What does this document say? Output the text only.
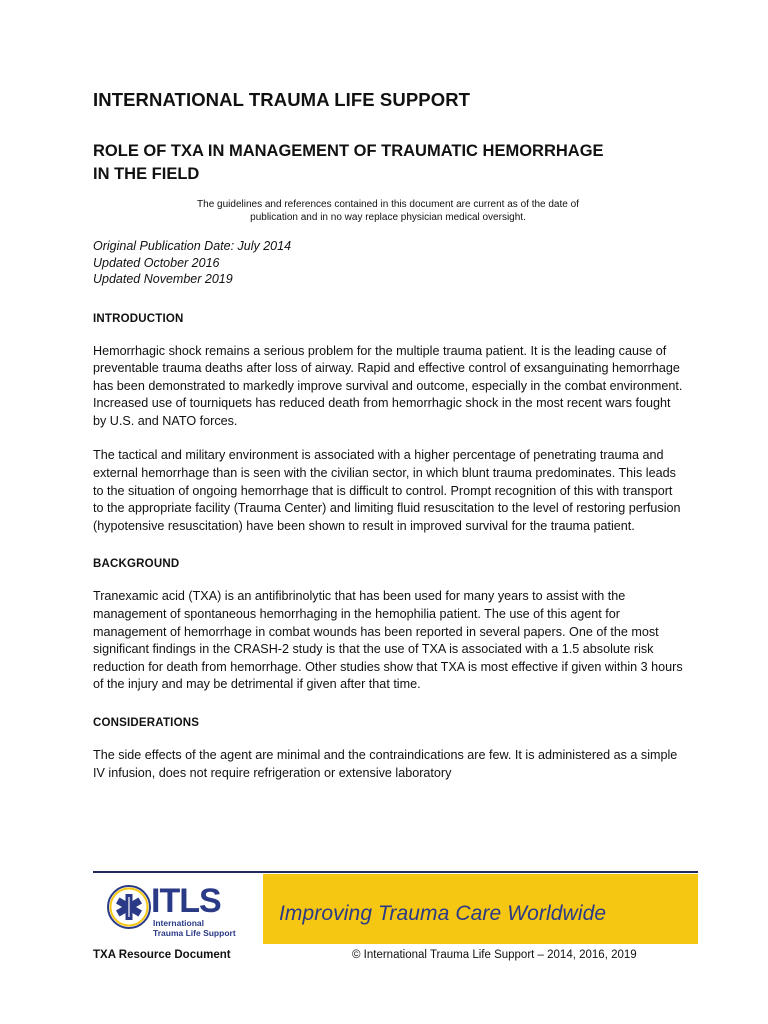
INTERNATIONAL TRAUMA LIFE SUPPORT
ROLE OF TXA IN MANAGEMENT OF TRAUMATIC HEMORRHAGE
IN THE FIELD

The guidelines and references contained in this document are current as of the date of
publication and in no way replace physician medical oversight.

Original Publication Date: July 2014
Updated October 2016
Updated November 2019
INTRODUCTION

Hemorrhagic shock remains a serious problem for the multiple trauma patient. It is the leading cause of preventable trauma deaths after loss of airway. Rapid and effective control of exsanguinating hemorrhage has been demonstrated to markedly improve survival and outcome, especially in the combat environment. Increased use of tourniquets has reduced death from hemorrhagic shock in the most recent wars fought by U.S. and NATO forces.

The tactical and military environment is associated with a higher percentage of penetrating trauma and external hemorrhage than is seen with the civilian sector, in which blunt trauma predominates. This leads to the situation of ongoing hemorrhage that is difficult to control. Prompt recognition of this with transport to the appropriate facility (Trauma Center) and limiting fluid resuscitation to the level of restoring perfusion (hypotensive resuscitation) have been shown to result in improved survival for the trauma patient.

BACKGROUND

Tranexamic acid (TXA) is an antifibrinolytic that has been used for many years to assist with the management of spontaneous hemorrhaging in the hemophilia patient. The use of this agent for management of hemorrhage in combat wounds has been reported in several papers. One of the most significant findings in the CRASH-2 study is that the use of TXA is associated with a 1.5 absolute risk reduction for death from hemorrhage. Other studies show that TXA is most effective if given within 3 hours of the injury and may be detrimental if given after that time.

CONSIDERATIONS

The side effects of the agent are minimal and the contraindications are few. It is administered as a simple IV infusion, does not require refrigeration or extensive laboratory

ITLS
International
Trauma Life Support
Improving Trauma Care Worldwide
TXA Resource Document	© International Trauma Life Support – 2014, 2016, 2019
